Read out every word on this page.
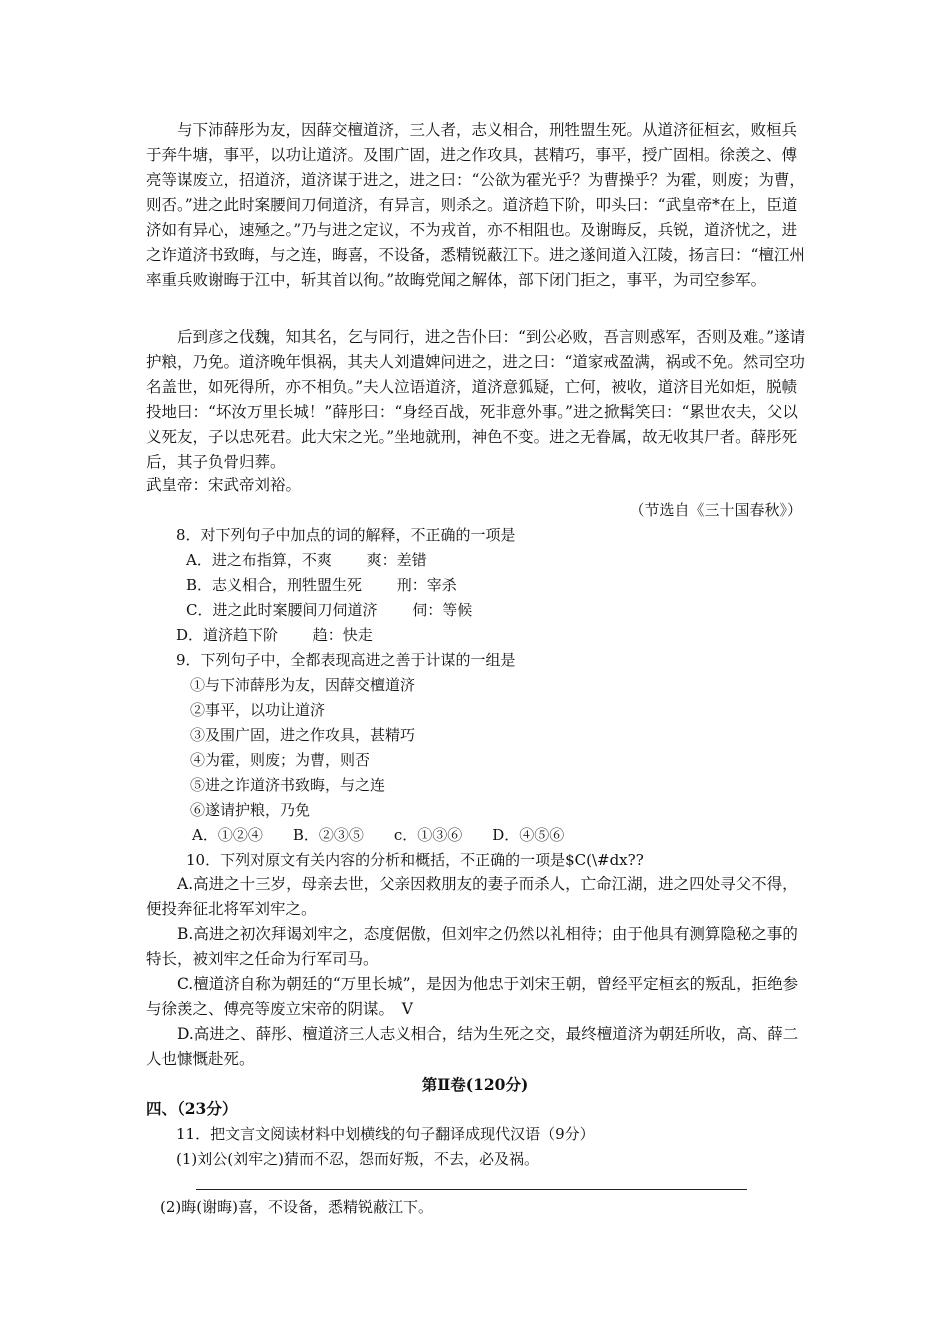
与下沛薛彤为友，因薛交檀道济，三人者，志义相合，刑牲盟生死。从道济征桓玄，败桓兵于奔牛塘，事平，以功让道济。及围广固，进之作攻具，甚精巧，事平，授广固相。徐羡之、傅亮等谋废立，招道济，道济谋于进之，进之曰：“公欲为霍光乎？为曹操乎？为霍，则废；为曹，则否。”进之此时案腰间刀伺道济，有异言，则杀之。道济趋下阶，叩头曰：“武皇帝*在上，臣道济如有异心，速殛之。”乃与进之定议，不为戎首，亦不相阻也。及谢晦反，兵锐，道济忧之，进之诈道济书致晦，与之连，晦喜，不设备，悉精锐蔽江下。进之遂间道入江陵，扬言曰：“檀江州率重兵败谢晦于江中，斩其首以徇。”故晦党闻之解体，部下闭门拒之，事平，为司空参军。

后到彦之伐魏，知其名，乞与同行，进之告仆曰：“到公必败，吾言则惑军，否则及难。”遂请护粮，乃免。道济晚年惧祸，其夫人刘遣婢问进之，进之曰：“道家戒盈满，祸或不免。然司空功名盖世，如死得所，亦不相负。”夫人泣语道济，道济意狐疑，亡何，被收，道济目光如炬，脱帻投地曰：“坏汝万里长城！”薛彤曰：“身经百战，死非意外事。”进之掀髯笑曰：“累世农夫，父以义死友，子以忠死君。此大宋之光。”坐地就刑，神色不变。进之无眷属，故无收其尸者。薛彤死后，其子负骨归葬。

武皇帝：宋武帝刘裕。
（节选自《三十国春秋》）
8．对下列句子中加点的词的解释，不正确的一项是
A．进之布指算，不爽　　 爽：差错
B．志义相合，刑牲盟生死　　 刑：宰杀
C．进之此时案腰间刀伺道济　　 伺：等候
D．道济趋下阶　　 趋：快走
9．下列句子中，全都表现高进之善于计谋的一组是
①与下沛薛彤为友，因薛交檀道济
②事平，以功让道济
③及围广固，进之作攻具，甚精巧
④为霍，则废；为曹，则否
⑤进之诈道济书致晦，与之连
⑥遂请护粮，乃免
A．①②④　　B．②③⑤　　c．①③⑥　　D．④⑤⑥
10．下列对原文有关内容的分析和概括，不正确的一项是$C(\#dx??

A.高进之十三岁，母亲去世，父亲因救朋友的妻子而杀人，亡命江湖，进之四处寻父不得，便投奔征北将军刘牢之。

B.高进之初次拜谒刘牢之，态度倨傲，但刘牢之仍然以礼相待；由于他具有测算隐秘之事的特长，被刘牢之任命为行军司马。

C.檀道济自称为朝廷的“万里长城”，是因为他忠于刘宋王朝，曾经平定桓玄的叛乱，拒绝参与徐羡之、傅亮等废立宋帝的阴谋。　V

D.高进之、薛彤、檀道济三人志义相合，结为生死之交，最终檀道济为朝廷所收，高、薛二人也慷慨赴死。

第Ⅱ卷(120分)
四、（23分）
11．把文言文阅读材料中划横线的句子翻译成现代汉语（9分）
(1)刘公(刘牢之)猜而不忍，怨而好叛，不去，必及祸。
(2)晦(谢晦)喜，不设备，悉精锐蔽江下。
